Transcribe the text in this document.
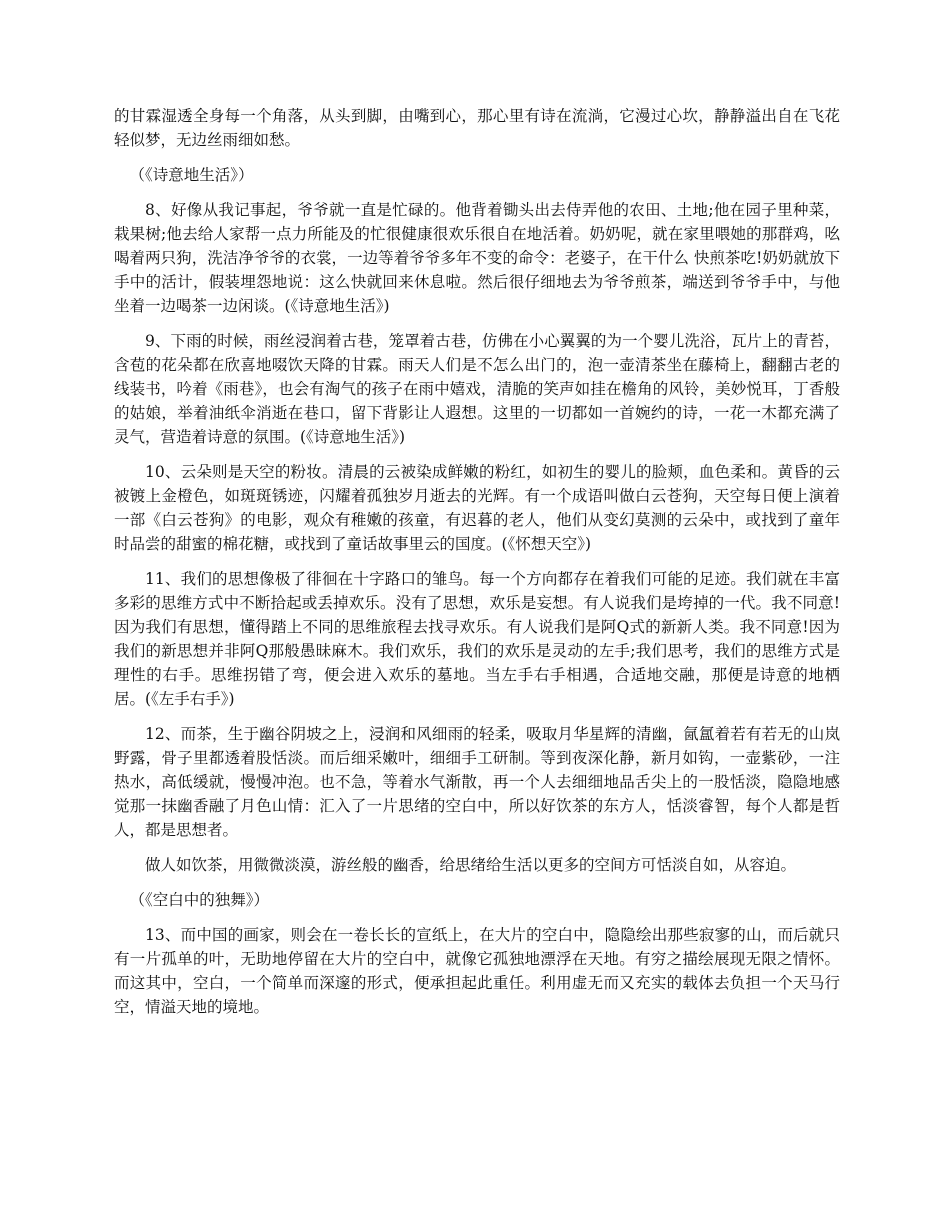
的甘霖湿透全身每一个角落，从头到脚，由嘴到心，那心里有诗在流淌，它漫过心坎，静静溢出自在飞花轻似梦，无边丝雨细如愁。

（《诗意地生活》）

8、好像从我记事起，爷爷就一直是忙碌的。他背着锄头出去侍弄他的农田、土地;他在园子里种菜，栽果树;他去给人家帮一点力所能及的忙很健康很欢乐很自在地活着。奶奶呢，就在家里喂她的那群鸡，吆喝着两只狗，洗洁净爷爷的衣裳，一边等着爷爷多年不变的命令：老婆子，在干什么 快煎茶吃!奶奶就放下手中的活计，假装埋怨地说：这么快就回来休息啦。然后很仔细地去为爷爷煎茶，端送到爷爷手中，与他坐着一边喝茶一边闲谈。(《诗意地生活》)

9、下雨的时候，雨丝浸润着古巷，笼罩着古巷，仿佛在小心翼翼的为一个婴儿洗浴，瓦片上的青苔，含苞的花朵都在欣喜地啜饮天降的甘霖。雨天人们是不怎么出门的，泡一壶清茶坐在藤椅上，翻翻古老的线装书，吟着《雨巷》，也会有淘气的孩子在雨中嬉戏，清脆的笑声如挂在檐角的风铃，美妙悦耳，丁香般的姑娘，举着油纸伞消逝在巷口，留下背影让人遐想。这里的一切都如一首婉约的诗，一花一木都充满了灵气，营造着诗意的氛围。(《诗意地生活》)

10、云朵则是天空的粉妆。清晨的云被染成鲜嫩的粉红，如初生的婴儿的脸颊，血色柔和。黄昏的云被镀上金橙色，如斑斑锈迹，闪耀着孤独岁月逝去的光辉。有一个成语叫做白云苍狗，天空每日便上演着一部《白云苍狗》的电影，观众有稚嫩的孩童，有迟暮的老人，他们从变幻莫测的云朵中，或找到了童年时品尝的甜蜜的棉花糖，或找到了童话故事里云的国度。(《怀想天空》)

11、我们的思想像极了徘徊在十字路口的雏鸟。每一个方向都存在着我们可能的足迹。我们就在丰富多彩的思维方式中不断拾起或丢掉欢乐。没有了思想，欢乐是妄想。有人说我们是垮掉的一代。我不同意!因为我们有思想，懂得踏上不同的思维旅程去找寻欢乐。有人说我们是阿Q式的新新人类。我不同意!因为我们的新思想并非阿Q那般愚昧麻木。我们欢乐，我们的欢乐是灵动的左手;我们思考，我们的思维方式是理性的右手。思维拐错了弯，便会进入欢乐的墓地。当左手右手相遇，合适地交融，那便是诗意的地栖居。(《左手右手》)

12、而茶，生于幽谷阴坡之上，浸润和风细雨的轻柔，吸取月华星辉的清幽，氤氲着若有若无的山岚野露，骨子里都透着股恬淡。而后细采嫩叶，细细手工研制。等到夜深化静，新月如钩，一壶紫砂，一注热水，高低缓就，慢慢冲泡。也不急，等着水气渐散，再一个人去细细地品舌尖上的一股恬淡，隐隐地感觉那一抹幽香融了月色山情：汇入了一片思绪的空白中，所以好饮茶的东方人，恬淡睿智，每个人都是哲人，都是思想者。

做人如饮茶，用微微淡漠，游丝般的幽香，给思绪给生活以更多的空间方可恬淡自如，从容迫。

（《空白中的独舞》）

13、而中国的画家，则会在一卷长长的宣纸上，在大片的空白中，隐隐绘出那些寂寥的山，而后就只有一片孤单的叶，无助地停留在大片的空白中，就像它孤独地漂浮在天地。有穷之描绘展现无限之情怀。而这其中，空白，一个简单而深邃的形式，便承担起此重任。利用虚无而又充实的载体去负担一个天马行空，情溢天地的境地。
